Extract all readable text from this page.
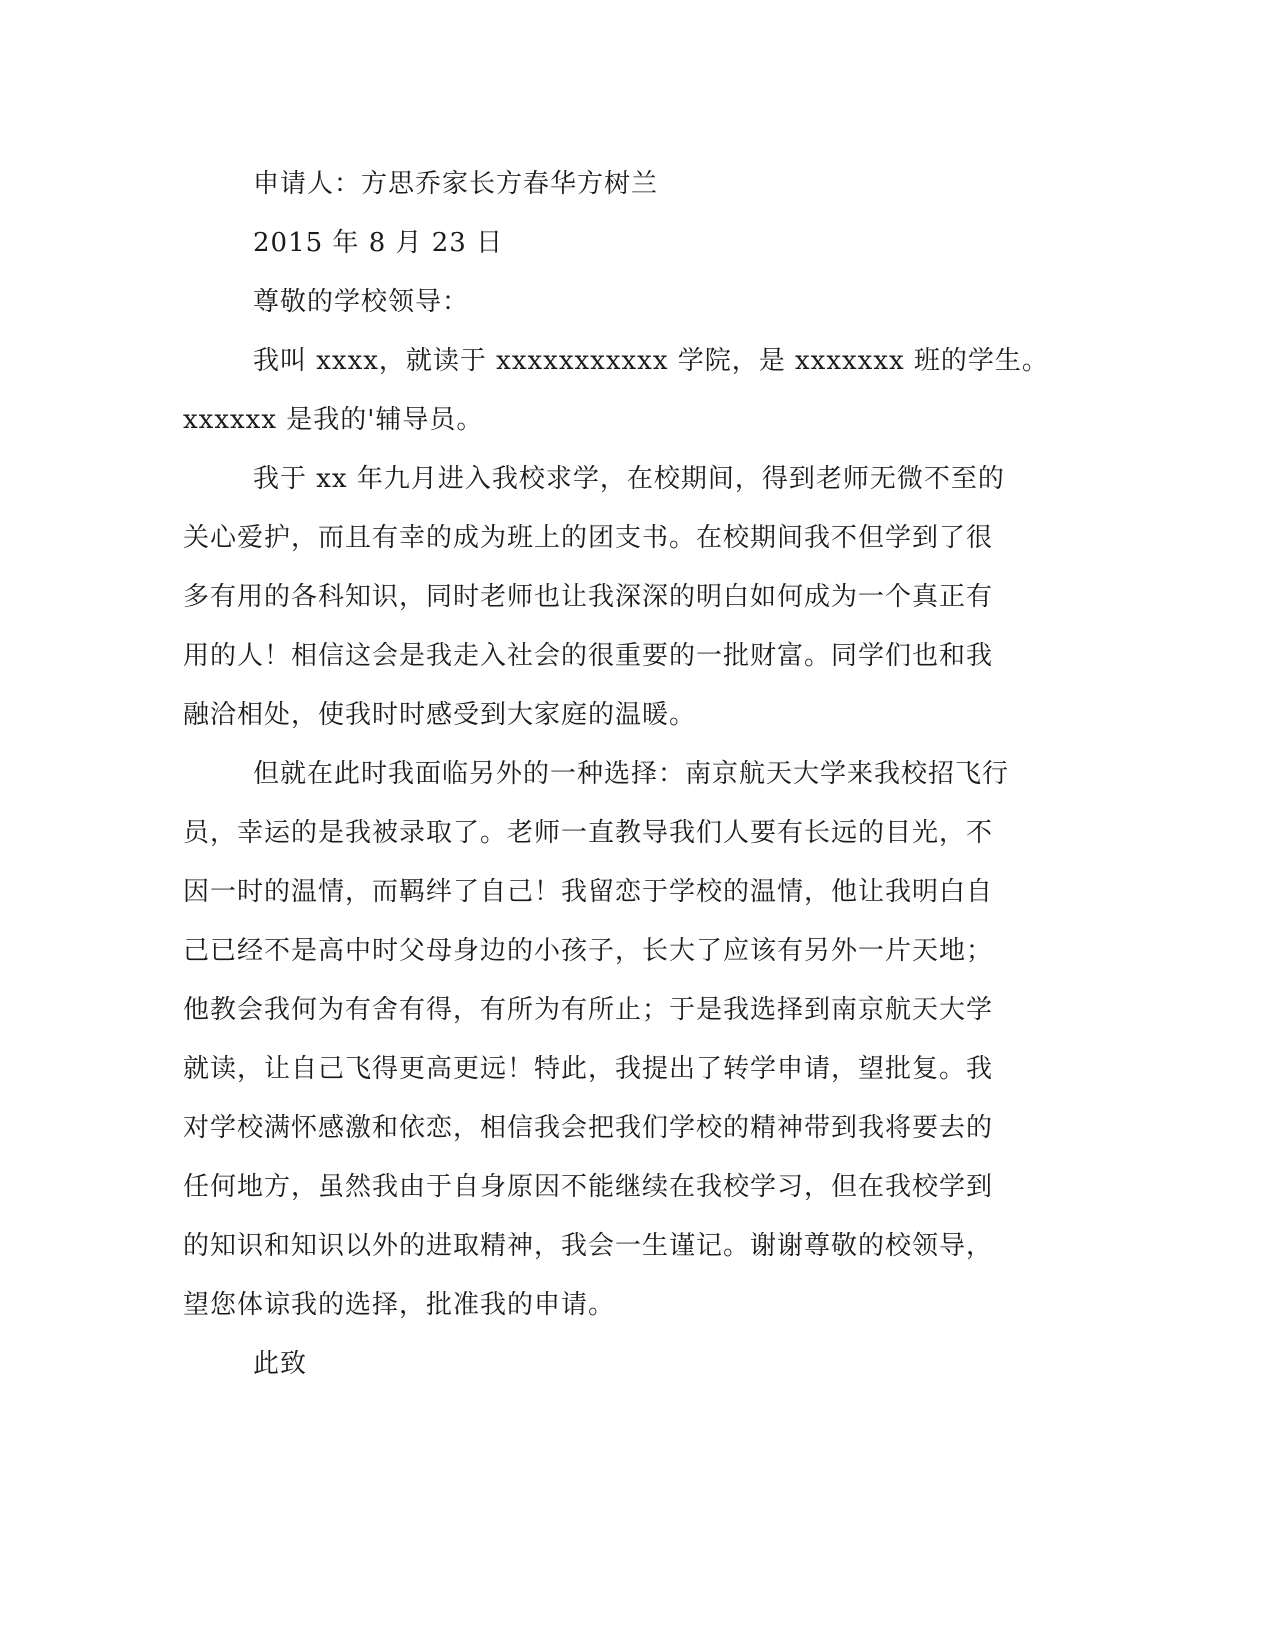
申请人：方思乔家长方春华方树兰
2015 年 8 月 23 日
尊敬的学校领导：
我叫 xxxx，就读于 xxxxxxxxxxx 学院，是 xxxxxxx 班的学生。
xxxxxx 是我的'辅导员。
我于 xx 年九月进入我校求学，在校期间，得到老师无微不至的
关心爱护，而且有幸的成为班上的团支书。在校期间我不但学到了很
多有用的各科知识，同时老师也让我深深的明白如何成为一个真正有
用的人！相信这会是我走入社会的很重要的一批财富。同学们也和我
融洽相处，使我时时感受到大家庭的温暖。
但就在此时我面临另外的一种选择：南京航天大学来我校招飞行
员，幸运的是我被录取了。老师一直教导我们人要有长远的目光，不
因一时的温情，而羁绊了自己！我留恋于学校的温情，他让我明白自
己已经不是高中时父母身边的小孩子，长大了应该有另外一片天地；
他教会我何为有舍有得，有所为有所止；于是我选择到南京航天大学
就读，让自己飞得更高更远！特此，我提出了转学申请，望批复。我
对学校满怀感激和依恋，相信我会把我们学校的精神带到我将要去的
任何地方，虽然我由于自身原因不能继续在我校学习，但在我校学到
的知识和知识以外的进取精神，我会一生谨记。谢谢尊敬的校领导，
望您体谅我的选择，批准我的申请。
此致
